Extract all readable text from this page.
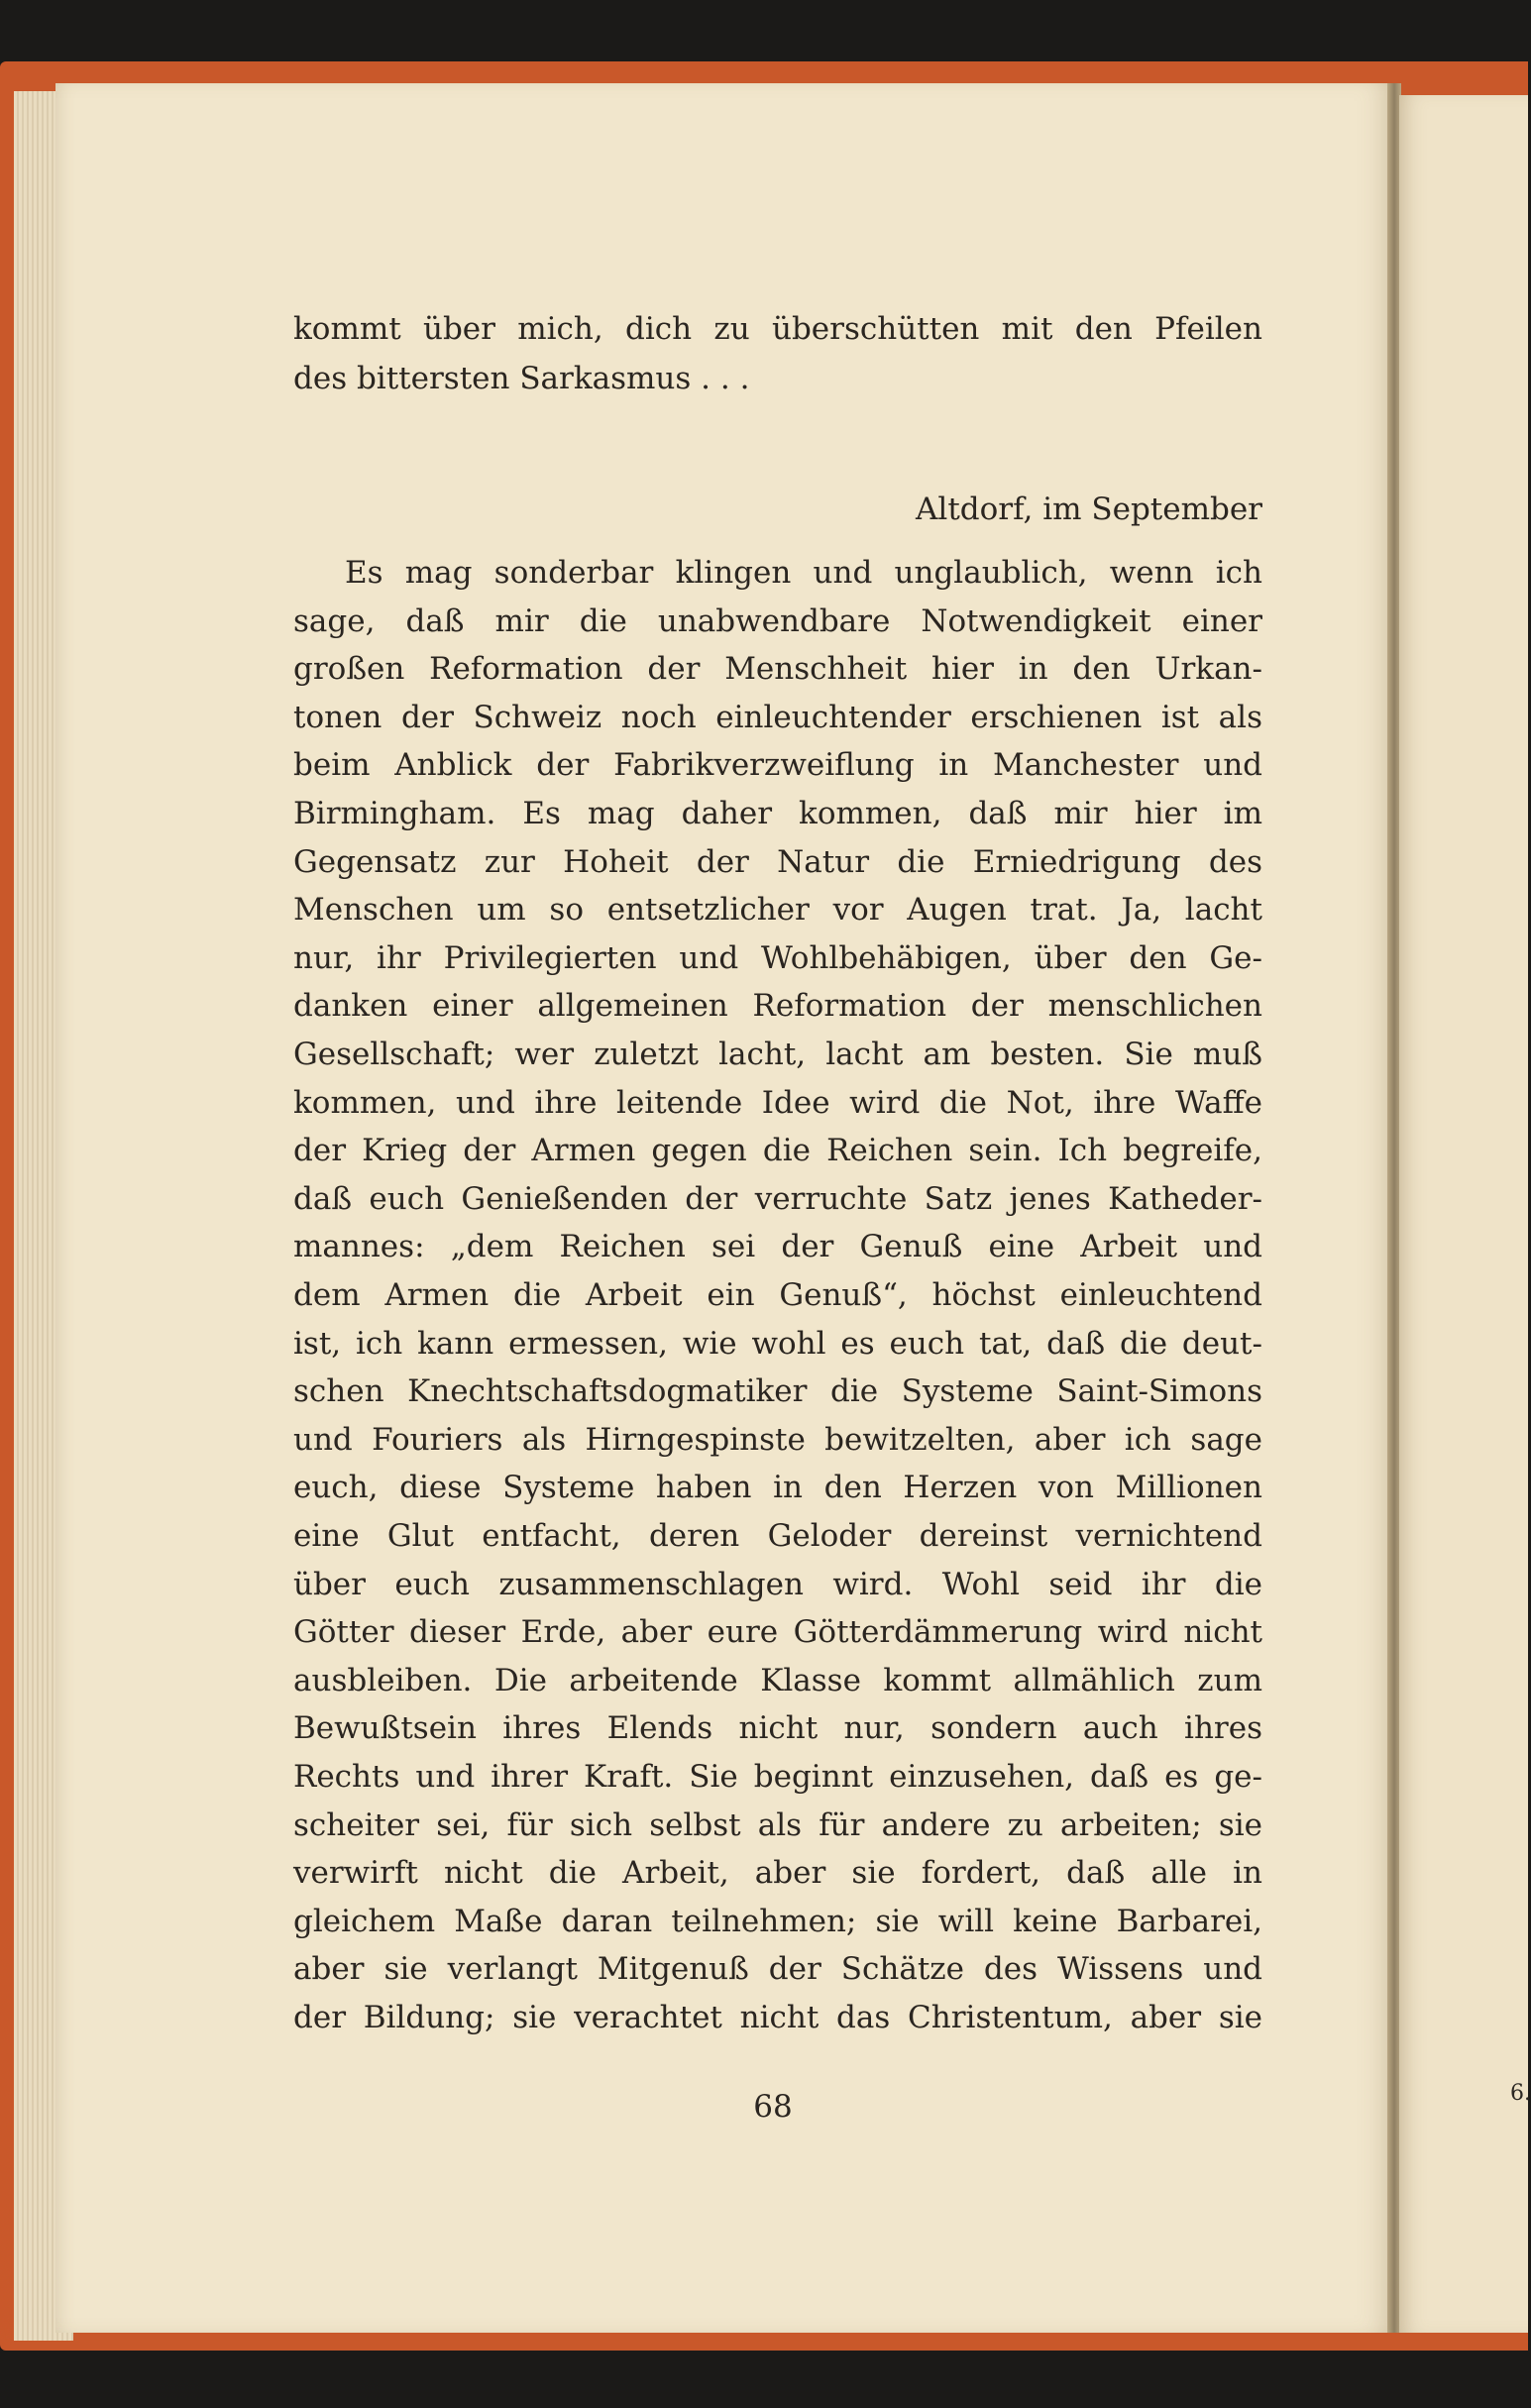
6.
kommt über mich, dich zu überschütten mit den Pfeilen
des bittersten Sarkasmus . . .
Altdorf, im September
Es mag sonderbar klingen und unglaublich, wenn ich
sage, daß mir die unabwendbare Notwendigkeit einer
großen Reformation der Menschheit hier in den Urkan-
tonen der Schweiz noch einleuchtender erschienen ist als
beim Anblick der Fabrikverzweiflung in Manchester und
Birmingham. Es mag daher kommen, daß mir hier im
Gegensatz zur Hoheit der Natur die Erniedrigung des
Menschen um so entsetzlicher vor Augen trat. Ja, lacht
nur, ihr Privilegierten und Wohlbehäbigen, über den Ge-
danken einer allgemeinen Reformation der menschlichen
Gesellschaft; wer zuletzt lacht, lacht am besten. Sie muß
kommen, und ihre leitende Idee wird die Not, ihre Waffe
der Krieg der Armen gegen die Reichen sein. Ich begreife,
daß euch Genießenden der verruchte Satz jenes Katheder-
mannes: „dem Reichen sei der Genuß eine Arbeit und
dem Armen die Arbeit ein Genuß“, höchst einleuchtend
ist, ich kann ermessen, wie wohl es euch tat, daß die deut-
schen Knechtschaftsdogmatiker die Systeme Saint-Simons
und Fouriers als Hirngespinste bewitzelten, aber ich sage
euch, diese Systeme haben in den Herzen von Millionen
eine Glut entfacht, deren Geloder dereinst vernichtend
über euch zusammenschlagen wird. Wohl seid ihr die
Götter dieser Erde, aber eure Götterdämmerung wird nicht
ausbleiben. Die arbeitende Klasse kommt allmählich zum
Bewußtsein ihres Elends nicht nur, sondern auch ihres
Rechts und ihrer Kraft. Sie beginnt einzusehen, daß es ge-
scheiter sei, für sich selbst als für andere zu arbeiten; sie
verwirft nicht die Arbeit, aber sie fordert, daß alle in
gleichem Maße daran teilnehmen; sie will keine Barbarei,
aber sie verlangt Mitgenuß der Schätze des Wissens und
der Bildung; sie verachtet nicht das Christentum, aber sie
68
